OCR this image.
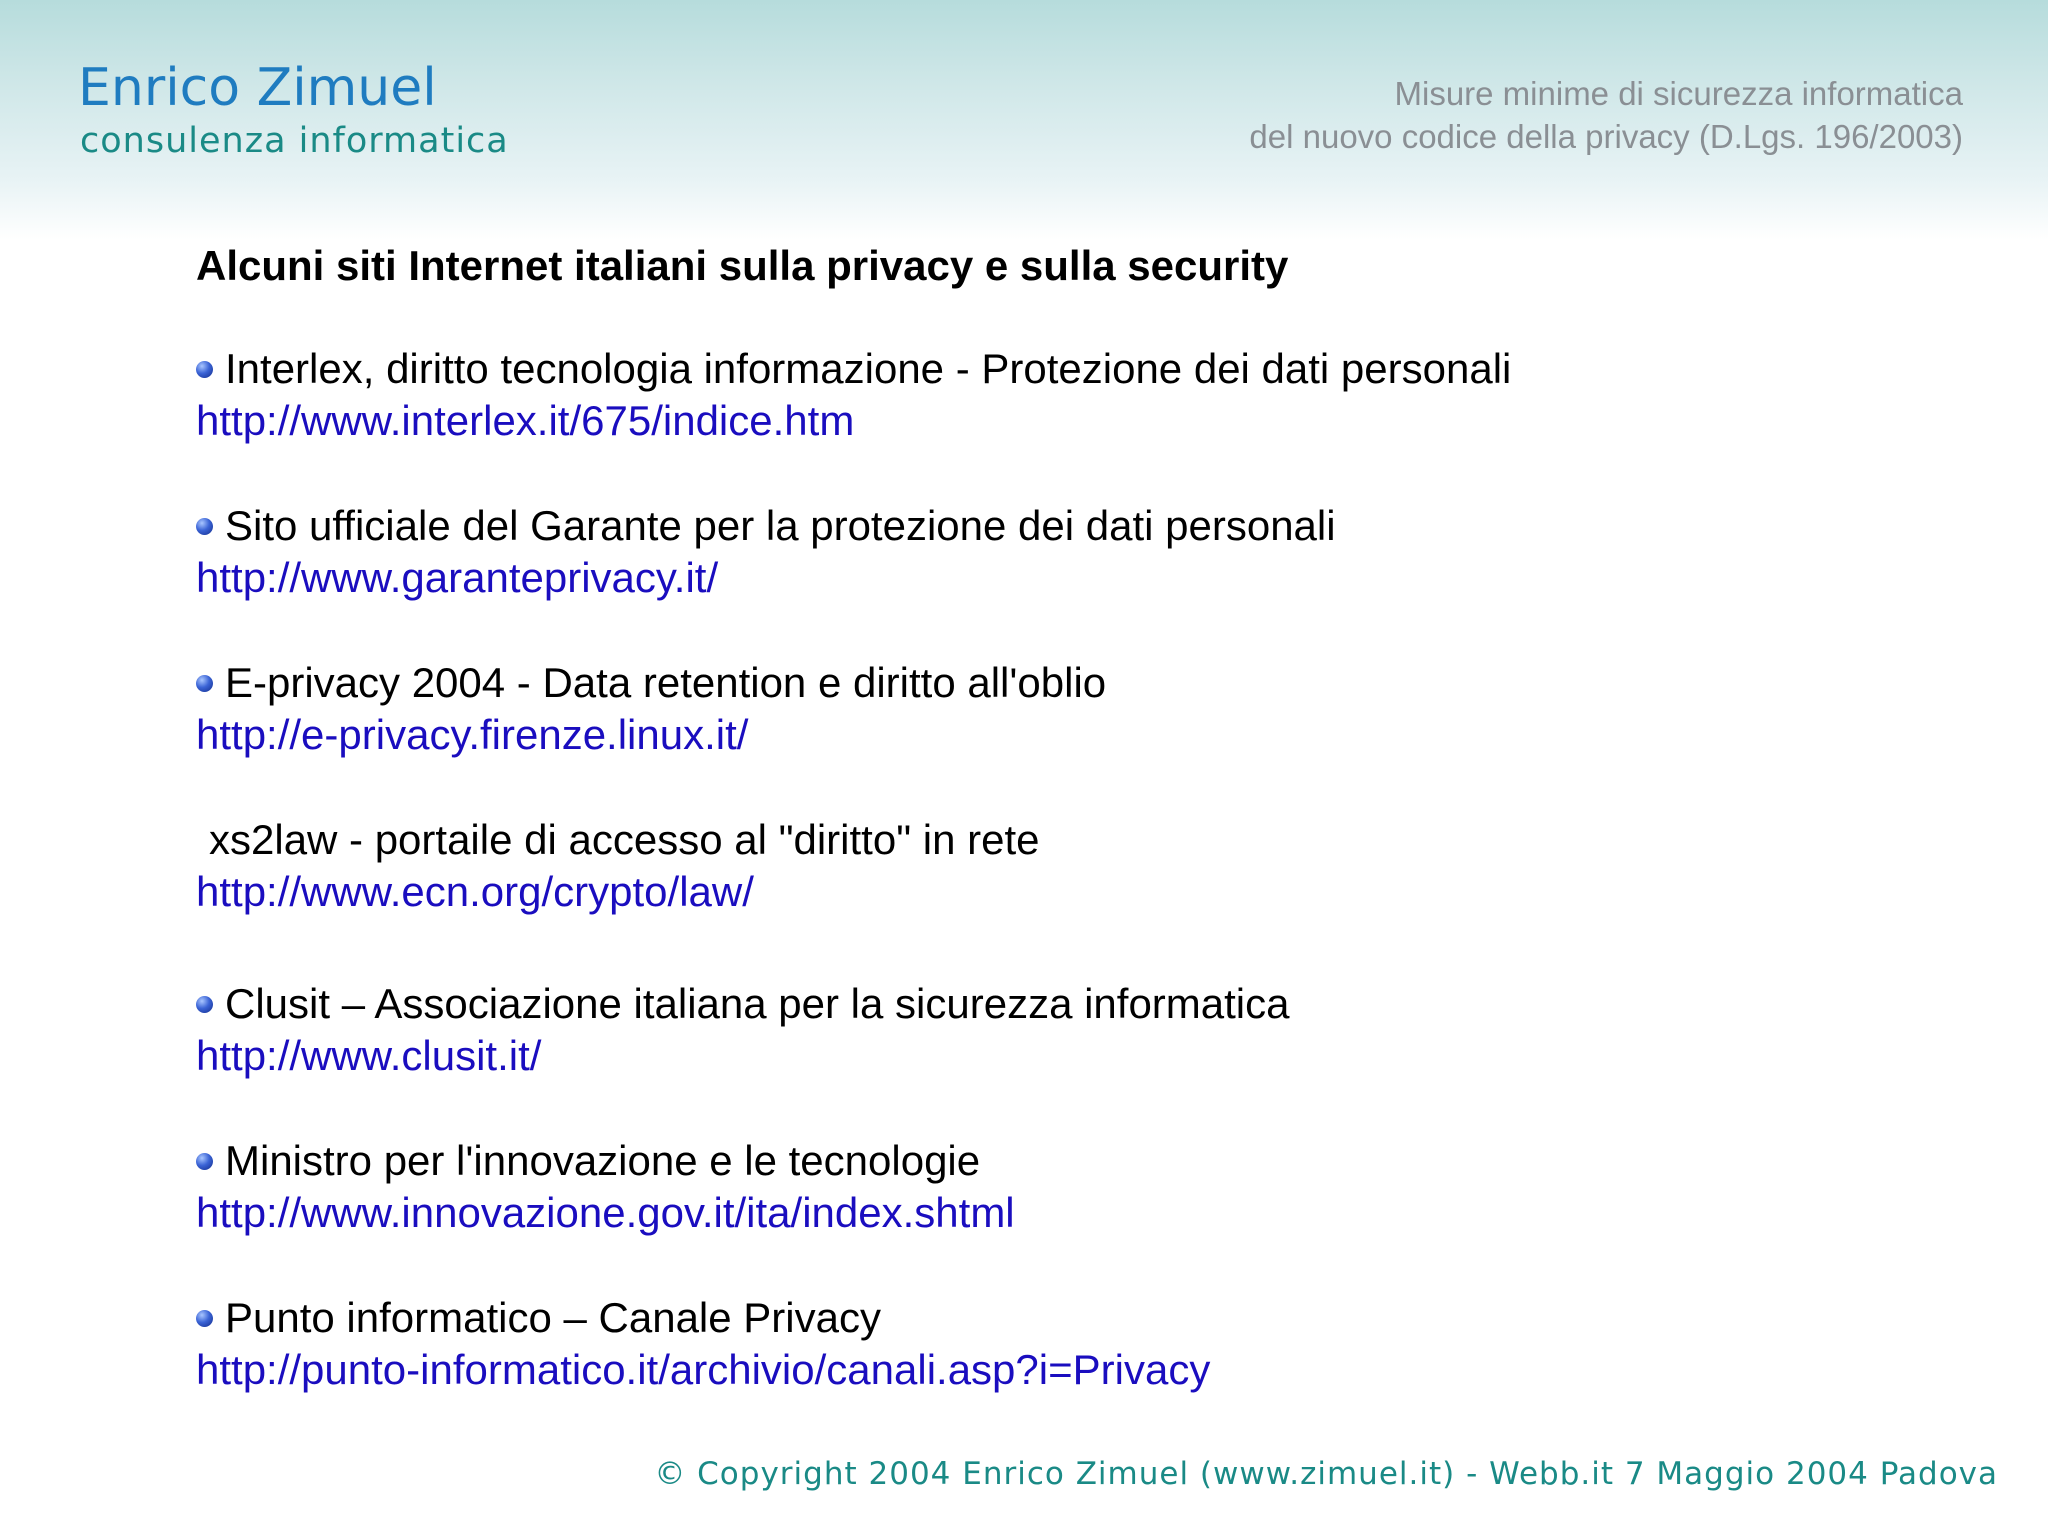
Enrico Zimuel
consulenza informatica
Misure minime di sicurezza informatica
del nuovo codice della privacy (D.Lgs. 196/2003)
Alcuni siti Internet italiani sulla privacy e sulla security
Interlex, diritto tecnologia informazione - Protezione dei dati personali
http://www.interlex.it/675/indice.htm
Sito ufficiale del Garante per la protezione dei dati personali
http://www.garanteprivacy.it/
E-privacy 2004 - Data retention e diritto all'oblio
http://e-privacy.firenze.linux.it/
xs2law - portaile di accesso al "diritto" in rete
http://www.ecn.org/crypto/law/
Clusit – Associazione italiana per la sicurezza informatica
http://www.clusit.it/
Ministro per l'innovazione e le tecnologie
http://www.innovazione.gov.it/ita/index.shtml
Punto informatico – Canale Privacy
http://punto-informatico.it/archivio/canali.asp?i=Privacy
© Copyright 2004 Enrico Zimuel (www.zimuel.it) - Webb.it 7 Maggio 2004 Padova
